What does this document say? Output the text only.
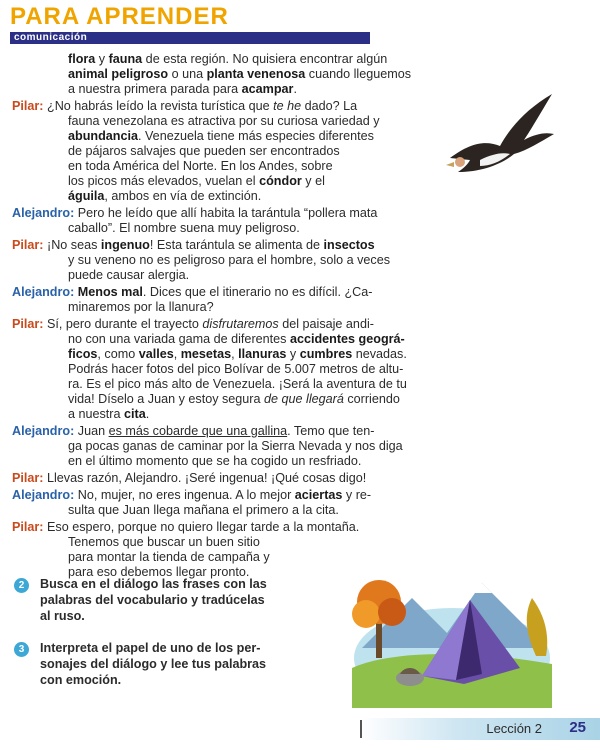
PARA APRENDER
comunicación
flora y fauna de esta región. No quisiera encontrar algún
animal peligroso o una planta venenosa cuando lleguemos
a nuestra primera parada para acampar.
Pilar: ¿No habrás leído la revista turística que te he dado? La
fauna venezolana es atractiva por su curiosa variedad y
abundancia. Venezuela tiene más especies diferentes
de pájaros salvajes que pueden ser encontrados
en toda América del Norte. En los Andes, sobre
los picos más elevados, vuelan el cóndor y el
águila, ambos en vía de extinción.
Alejandro: Pero he leído que allí habita la tarántula “pollera mata
caballo”. El nombre suena muy peligroso.
Pilar: ¡No seas ingenuo! Esta tarántula se alimenta de insectos
y su veneno no es peligroso para el hombre, solo a veces
puede causar alergia.
Alejandro: Menos mal. Dices que el itinerario no es difícil. ¿Ca-
minaremos por la llanura?
Pilar: Sí, pero durante el trayecto disfrutaremos del paisaje andi-
no con una variada gama de diferentes accidentes geográ-
ficos, como valles, mesetas, llanuras y cumbres nevadas.
Podrás hacer fotos del pico Bolívar de 5.007 metros de altu-
ra. Es el pico más alto de Venezuela. ¡Será la aventura de tu
vida! Díselo a Juan y estoy segura de que llegará corriendo
a nuestra cita.
Alejandro: Juan es más cobarde que una gallina. Temo que ten-
ga pocas ganas de caminar por la Sierra Nevada y nos diga
en el último momento que se ha cogido un resfriado.
Pilar: Llevas razón, Alejandro. ¡Seré ingenua! ¡Qué cosas digo!
Alejandro: No, mujer, no eres ingenua. A lo mejor aciertas y re-
sulta que Juan llega mañana el primero a la cita.
Pilar: Eso espero, porque no quiero llegar tarde a la montaña.
Tenemos que buscar un buen sitio
para montar la tienda de campaña y
para eso debemos llegar pronto.
2	Busca en el diálogo las frases con las
palabras del vocabulario y tradúcelas
al ruso.
3	Interpreta el papel de uno de los per-
sonajes del diálogo y lee tus palabras
con emoción.
Lección 2 25
